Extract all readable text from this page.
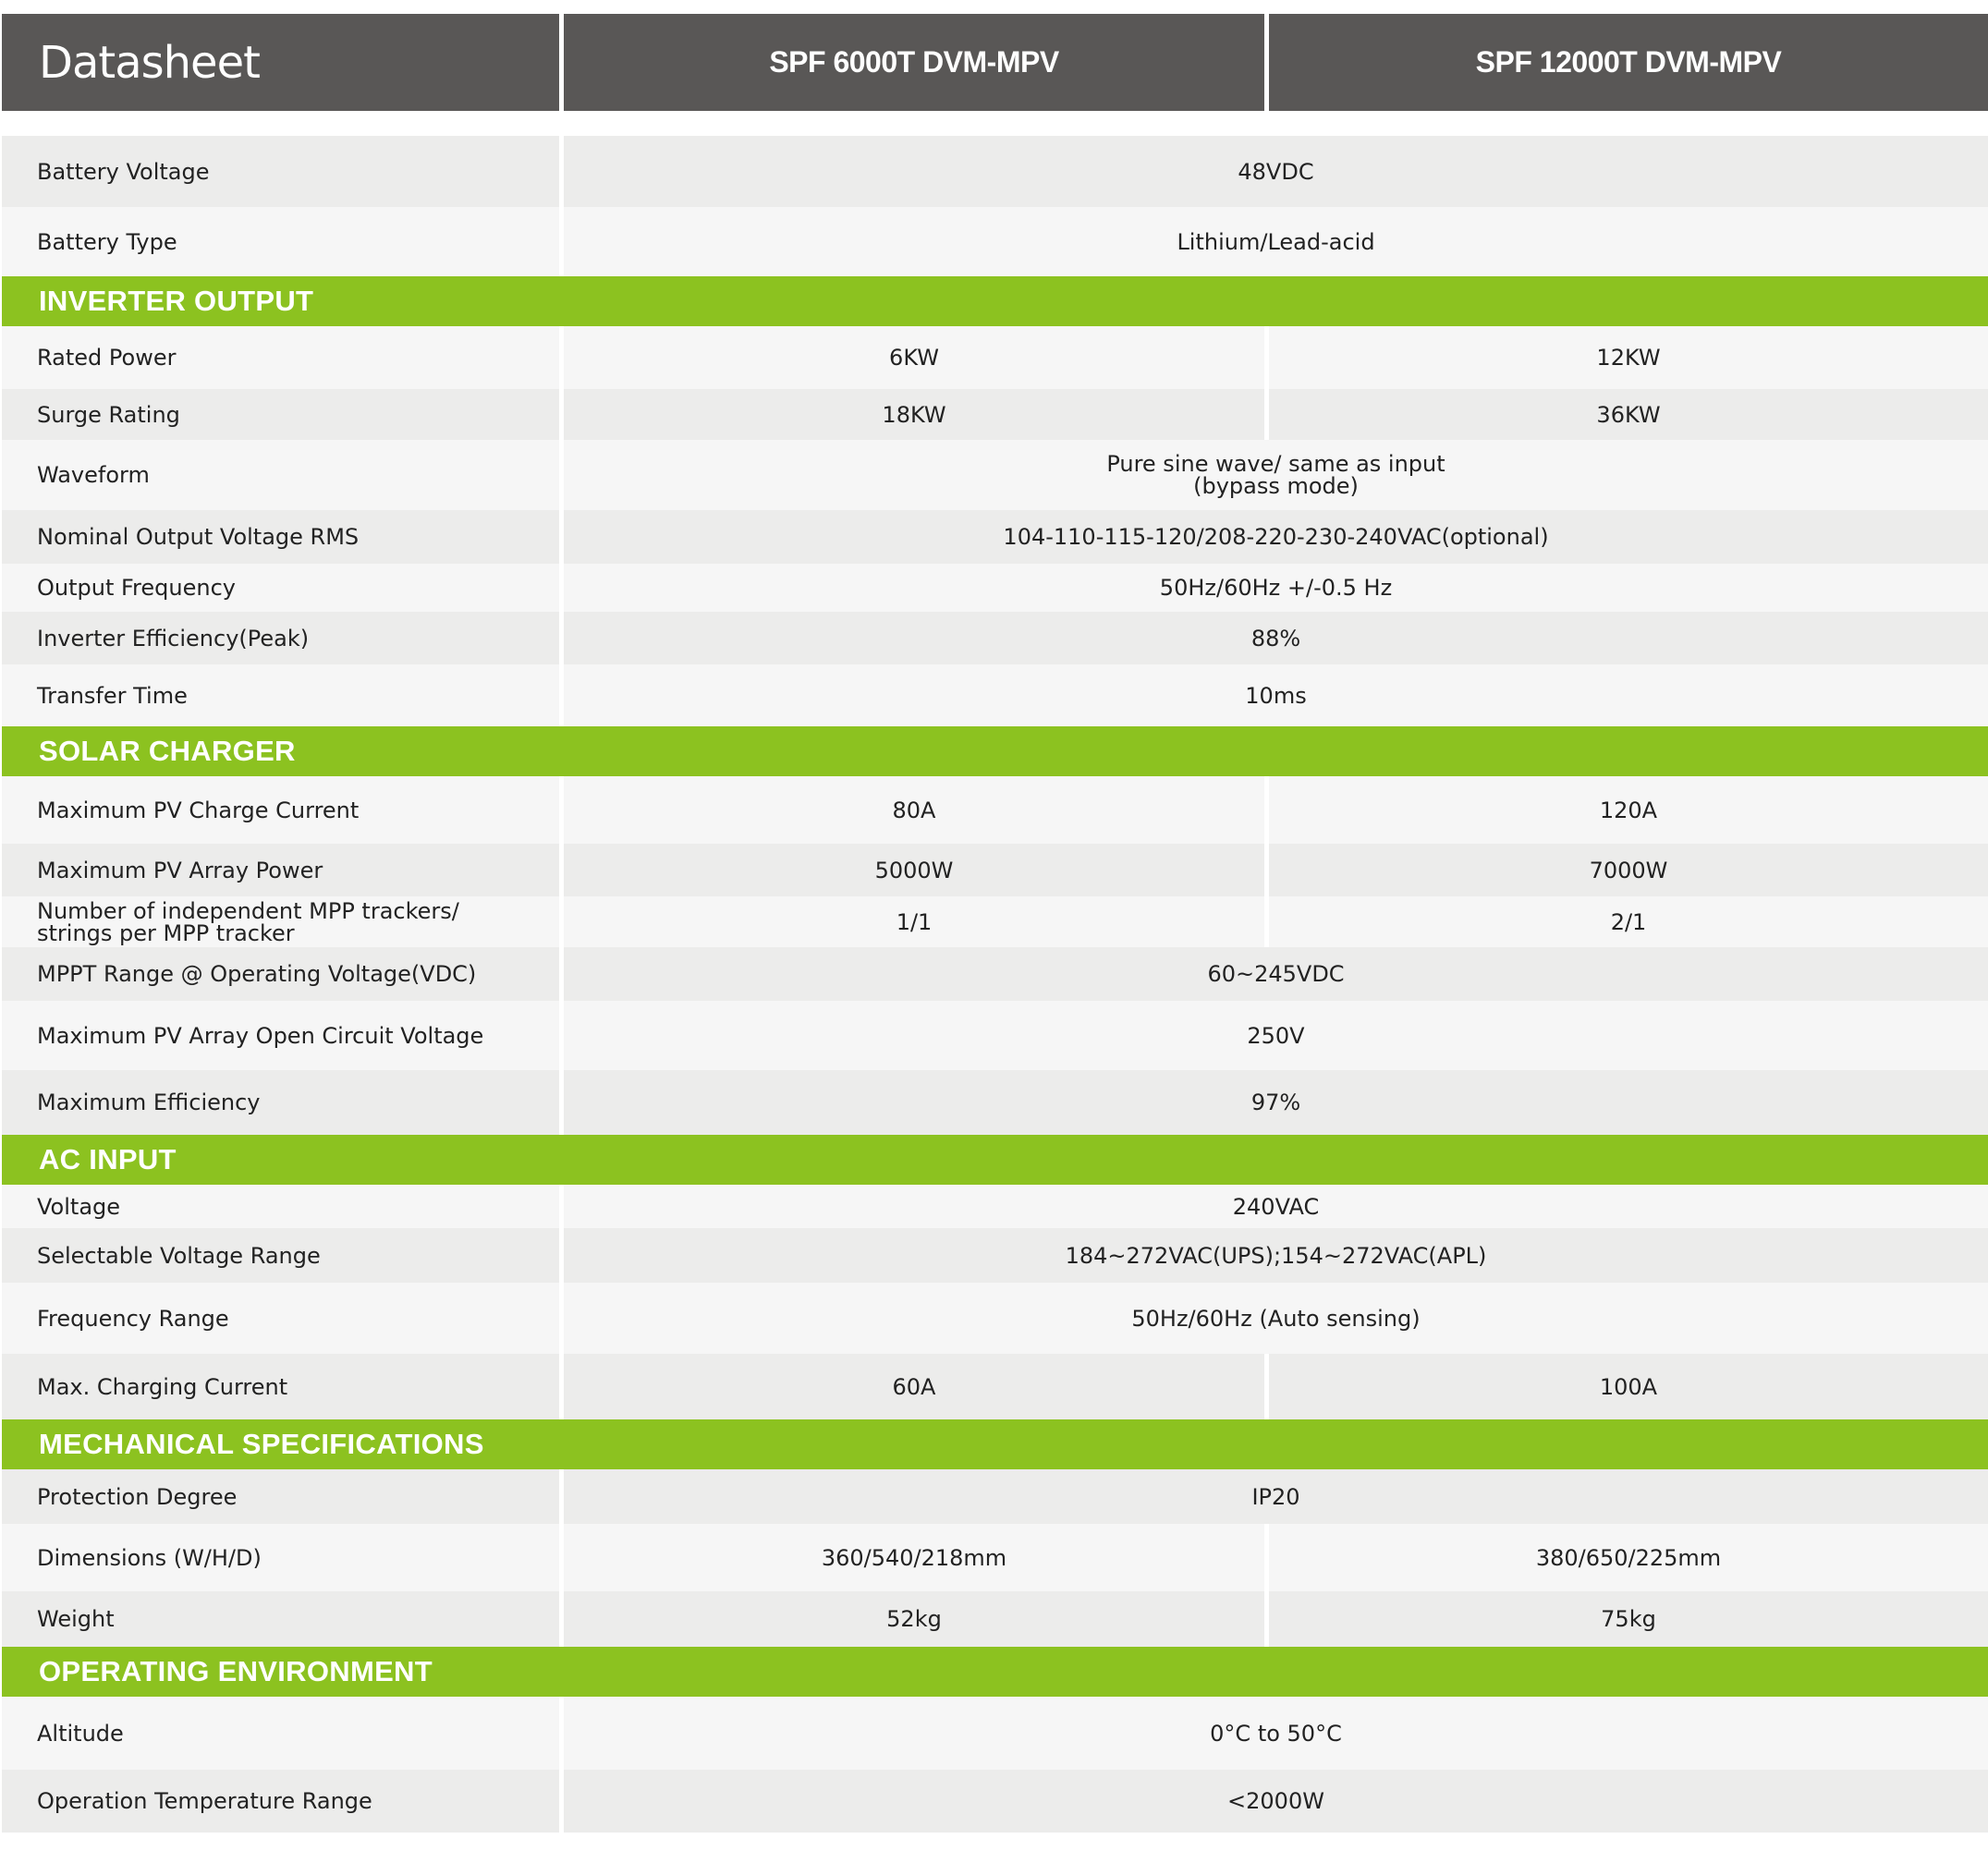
Datasheet	SPF 6000T DVM-MPV	SPF 12000T DVM-MPV
Battery Voltage	48VDC
Battery Type	Lithium/Lead-acid
INVERTER OUTPUT
Rated Power	6KW	12KW
Surge Rating	18KW	36KW
Waveform	Pure sine wave/ same as input
(bypass mode)
Nominal Output Voltage RMS	104-110-115-120/208-220-230-240VAC(optional)
Output Frequency	50Hz/60Hz +/-0.5 Hz
Inverter Efficiency(Peak)	88%
Transfer Time	10ms
SOLAR CHARGER
Maximum PV Charge Current	80A	120A
Maximum PV Array Power	5000W	7000W
Number of independent MPP trackers/
strings per MPP tracker	1/1	2/1
MPPT Range @ Operating Voltage(VDC)	60~245VDC
Maximum PV Array Open Circuit Voltage	250V
Maximum Efficiency	97%
AC INPUT
Voltage	240VAC
Selectable Voltage Range	184~272VAC(UPS);154~272VAC(APL)
Frequency Range	50Hz/60Hz (Auto sensing)
Max. Charging Current	60A	100A
MECHANICAL SPECIFICATIONS
Protection Degree	IP20
Dimensions (W/H/D)	360/540/218mm	380/650/225mm
Weight	52kg	75kg
OPERATING ENVIRONMENT
Altitude	0°C to 50°C
Operation Temperature Range	<2000W
